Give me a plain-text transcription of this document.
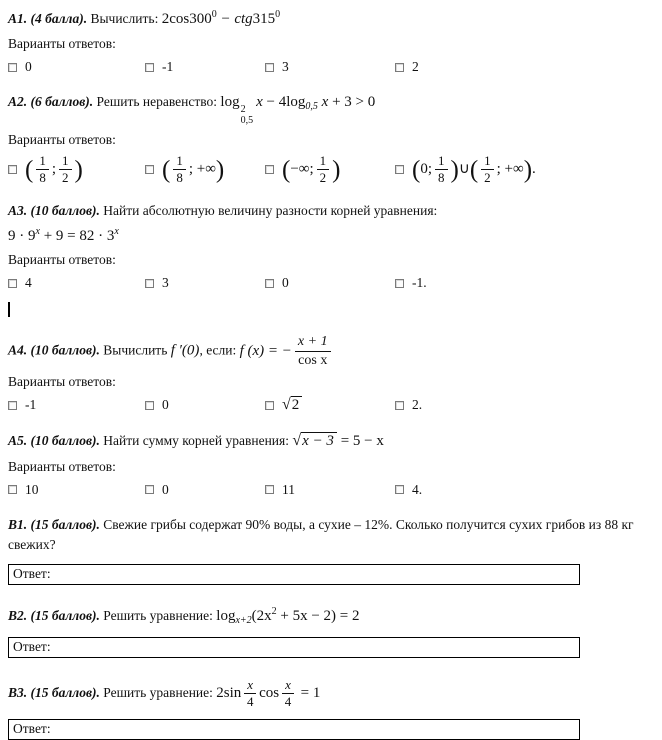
A1. (4 балла). Вычислить: $2\cos 300^0 - ctg315^0$
Варианты ответов:
0	-1	3	2
A2. (6 баллов). Решить неравенство: log 2
0,5
$x - 4\log_{0,5}$ x + 3 > 0
Варианты ответов:
( $\frac{1}{8}$ ; $\frac{1}{2}$ )	( $\frac{1}{8}$ ; +∞) (−∞; $\frac{1}{2}$ )	(0; $\frac{1}{8}$ )∪( $\frac{1}{2}$ ; +∞).
A3. (10 баллов). Найти абсолютную величину разности корней уравнения:
$9 \cdot 9^x + 9 = 82 \cdot 3^x$
Варианты ответов:
4	3	0	-1.
A4. (10 баллов). Вычислить f ′(0), если: f (x) = − $\frac{x + 1}{\text{cos x}}$
Варианты ответов:
-1	0	√2	2.
A5. (10 баллов). Найти сумму корней уравнения: √x − 3 = 5 − x
Варианты ответов:
10	0	11	4.
B1. (15 баллов). Свежие грибы содержат 90% воды, а сухие – 12%. Сколько получится сухих грибов из 88 кг свежих?
Ответ:
B2. (15 баллов). Решить уравнение: $\log_{x+2}(2x^2 + 5x - 2) = 2$
Ответ:
B3. (15 баллов). Решить уравнение: $2\sin \frac{x}{4}$ $\cos \frac{x}{4} = 1$
Ответ:
